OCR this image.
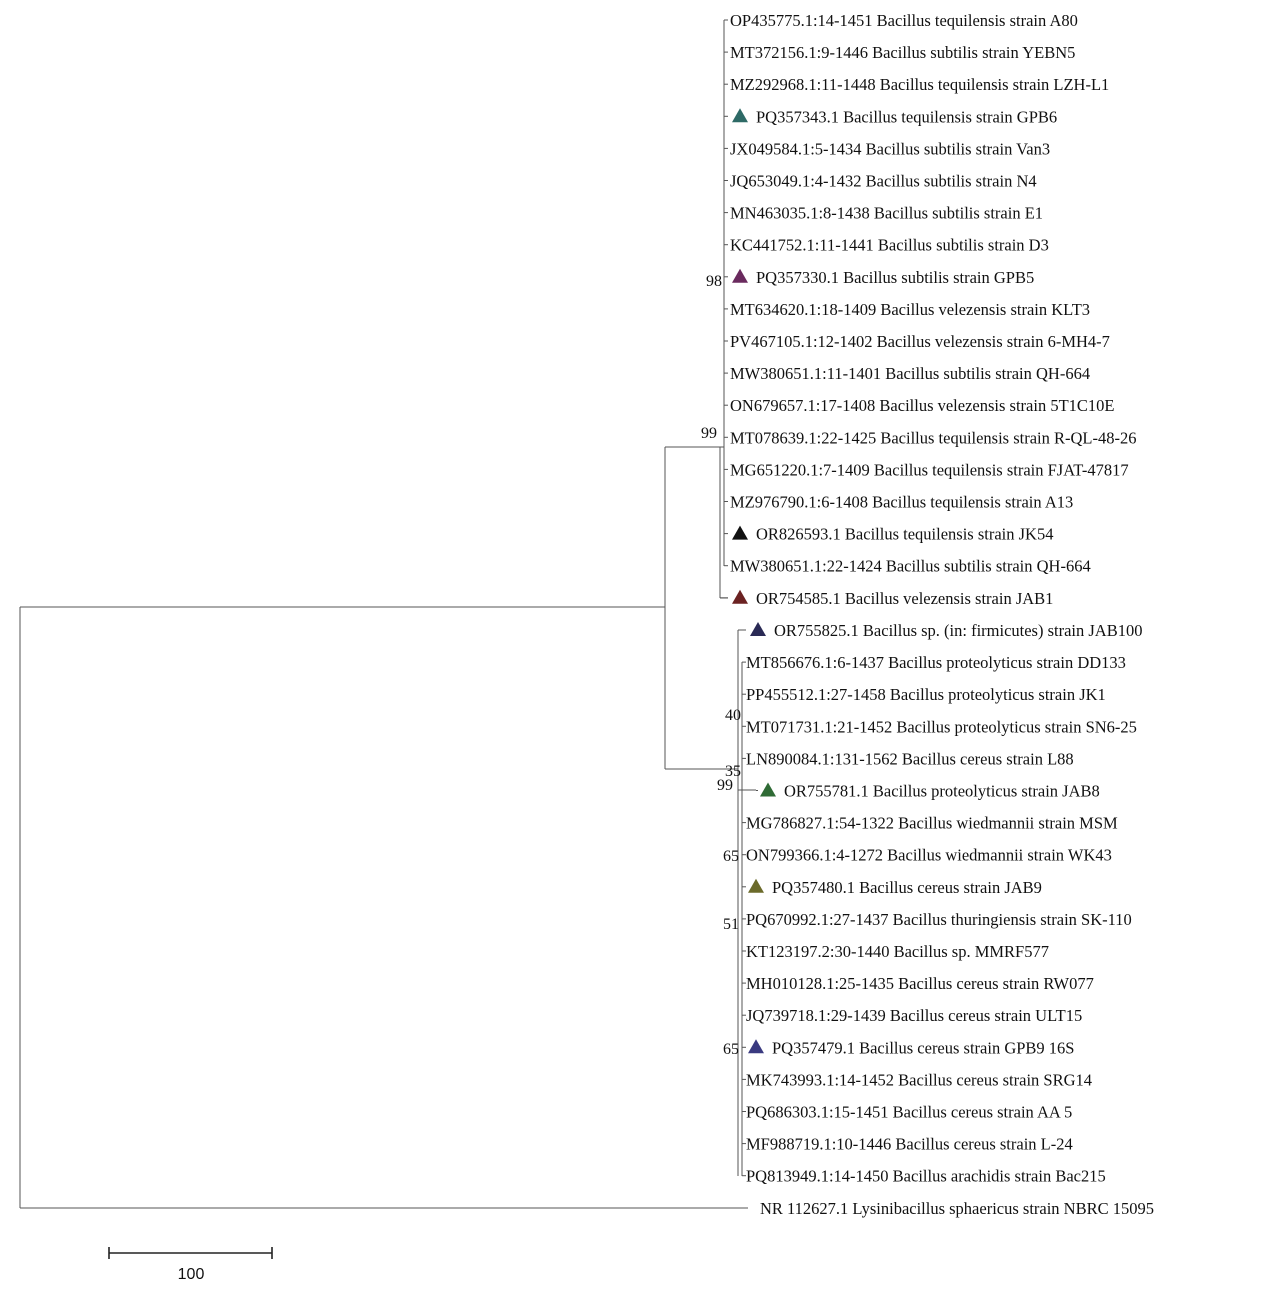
OP435775.1:14-1451 Bacillus tequilensis strain A80
MT372156.1:9-1446 Bacillus subtilis strain YEBN5
MZ292968.1:11-1448 Bacillus tequilensis strain LZH-L1
PQ357343.1 Bacillus tequilensis strain GPB6
JX049584.1:5-1434 Bacillus subtilis strain Van3
JQ653049.1:4-1432 Bacillus subtilis strain N4
MN463035.1:8-1438 Bacillus subtilis strain E1
KC441752.1:11-1441 Bacillus subtilis strain D3
PQ357330.1 Bacillus subtilis strain GPB5
MT634620.1:18-1409 Bacillus velezensis strain KLT3
PV467105.1:12-1402 Bacillus velezensis strain 6-MH4-7
MW380651.1:11-1401 Bacillus subtilis strain QH-664
ON679657.1:17-1408 Bacillus velezensis strain 5T1C10E
MT078639.1:22-1425 Bacillus tequilensis strain R-QL-48-26
MG651220.1:7-1409 Bacillus tequilensis strain FJAT-47817
MZ976790.1:6-1408 Bacillus tequilensis strain A13
OR826593.1 Bacillus tequilensis strain JK54
MW380651.1:22-1424 Bacillus subtilis strain QH-664
OR754585.1 Bacillus velezensis strain JAB1
OR755825.1 Bacillus sp. (in: firmicutes) strain JAB100
MT856676.1:6-1437 Bacillus proteolyticus strain DD133
PP455512.1:27-1458 Bacillus proteolyticus strain JK1
MT071731.1:21-1452 Bacillus proteolyticus strain SN6-25
LN890084.1:131-1562 Bacillus cereus strain L88
OR755781.1 Bacillus proteolyticus strain JAB8
MG786827.1:54-1322 Bacillus wiedmannii strain MSM
ON799366.1:4-1272 Bacillus wiedmannii strain WK43
PQ357480.1 Bacillus cereus strain JAB9
PQ670992.1:27-1437 Bacillus thuringiensis strain SK-110
KT123197.2:30-1440 Bacillus sp. MMRF577
MH010128.1:25-1435 Bacillus cereus strain RW077
JQ739718.1:29-1439 Bacillus cereus strain ULT15
PQ357479.1 Bacillus cereus strain GPB9 16S
MK743993.1:14-1452 Bacillus cereus strain SRG14
PQ686303.1:15-1451 Bacillus cereus strain AA 5
MF988719.1:10-1446 Bacillus cereus strain L-24
PQ813949.1:14-1450 Bacillus arachidis strain Bac215
NR 112627.1 Lysinibacillus sphaericus strain NBRC 15095
98
99
40
35
99
65
51
65
100
